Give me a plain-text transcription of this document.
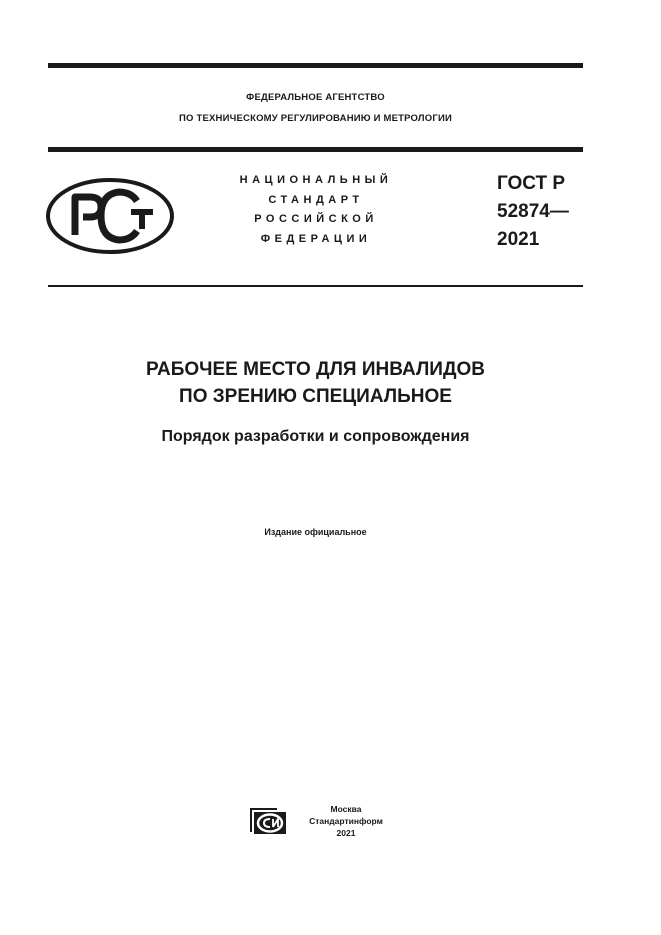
ФЕДЕРАЛЬНОЕ АГЕНТСТВО
ПО ТЕХНИЧЕСКОМУ РЕГУЛИРОВАНИЮ И МЕТРОЛОГИИ
НАЦИОНАЛЬНЫЙ
СТАНДАРТ
РОССИЙСКОЙ
ФЕДЕРАЦИИ
ГОСТ Р
52874—
2021
РАБОЧЕЕ МЕСТО ДЛЯ ИНВАЛИДОВ
ПО ЗРЕНИЮ СПЕЦИАЛЬНОЕ
Порядок разработки и сопровождения
Издание официальное
Москва
Стандартинформ
2021
